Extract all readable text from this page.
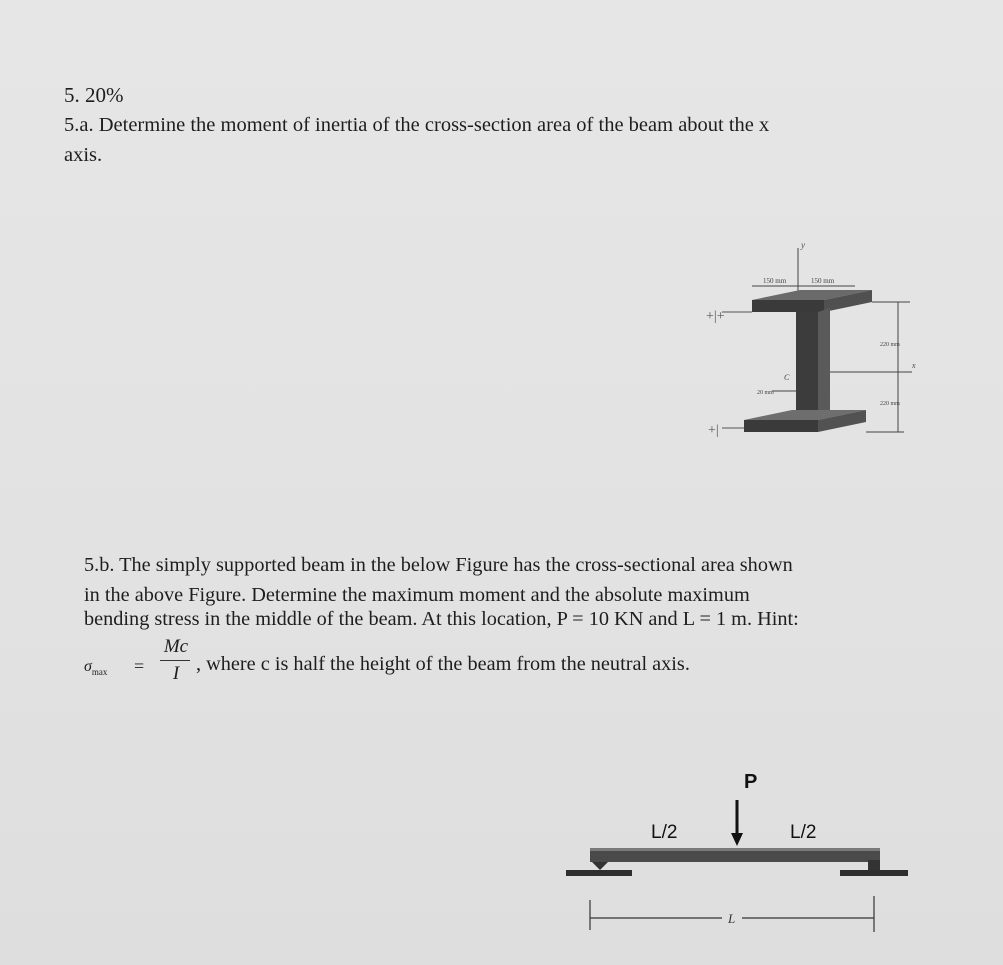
5. 20%
5.a. Determine the moment of inertia of the cross-section area of the beam about the x
axis.
y
150 mm	150 mm
+|+
+|
20 mm
C
x
220 mm
220 mm
5.b. The simply supported beam in the below Figure has the cross-sectional area shown
in the above Figure. Determine the maximum moment and the absolute maximum
bending stress in the middle of the beam. At this location, P = 10 KN and L = 1 m. Hint:
$\sigma_{max}$ =
Mc
I , where c is half the height of the beam from the neutral axis.
P
L/2	L/2
L
